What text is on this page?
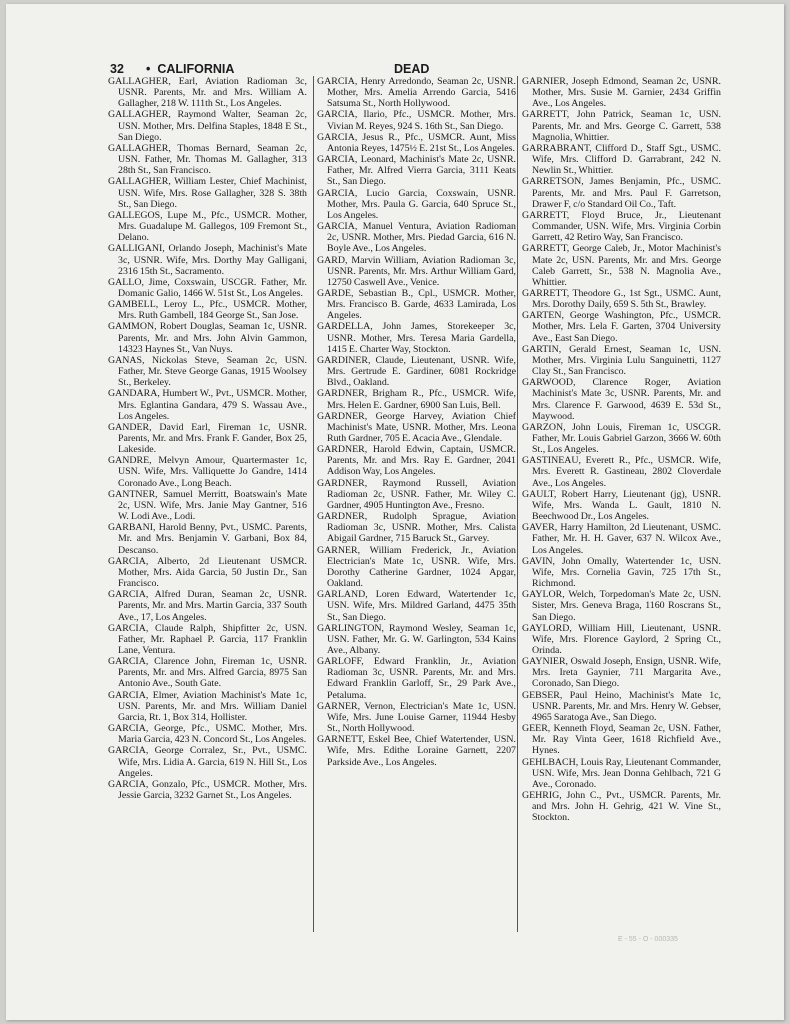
32 • CALIFORNIA	DEAD
GALLAGHER, Earl, Aviation Radioman 3c, USNR. Parents, Mr. and Mrs. William A. Gallagher, 218 W. 111th St., Los Angeles.
GALLAGHER, Raymond Walter, Seaman 2c, USN. Mother, Mrs. Delfina Staples, 1848 E St., San Diego.
GALLAGHER, Thomas Bernard, Seaman 2c, USN. Father, Mr. Thomas M. Gallagher, 313 28th St., San Francisco.
GALLAGHER, William Lester, Chief Machinist, USN. Wife, Mrs. Rose Gallagher, 328 S. 38th St., San Diego.
GALLEGOS, Lupe M., Pfc., USMCR. Mother, Mrs. Guadalupe M. Gallegos, 109 Fremont St., Delano.
GALLIGANI, Orlando Joseph, Machinist's Mate 3c, USNR. Wife, Mrs. Dorthy May Galligani, 2316 15th St., Sacramento.
GALLO, Jime, Coxswain, USCGR. Father, Mr. Domanic Galio, 1466 W. 51st St., Los Angeles.
GAMBELL, Leroy L., Pfc., USMCR. Mother, Mrs. Ruth Gambell, 184 George St., San Jose.
GAMMON, Robert Douglas, Seaman 1c, USNR. Parents, Mr. and Mrs. John Alvin Gammon, 14323 Haynes St., Van Nuys.
GANAS, Nickolas Steve, Seaman 2c, USN. Father, Mr. Steve George Ganas, 1915 Woolsey St., Berkeley.
GANDARA, Humbert W., Pvt., USMCR. Mother, Mrs. Eglantina Gandara, 479 S. Wassau Ave., Los Angeles.
GANDER, David Earl, Fireman 1c, USNR. Parents, Mr. and Mrs. Frank F. Gander, Box 25, Lakeside.
GANDRE, Melvyn Amour, Quartermaster 1c, USN. Wife, Mrs. Valliquette Jo Gandre, 1414 Coronado Ave., Long Beach.
GANTNER, Samuel Merritt, Boatswain's Mate 2c, USN. Wife, Mrs. Janie May Gantner, 516 W. Lodi Ave., Lodi.
GARBANI, Harold Benny, Pvt., USMC. Parents, Mr. and Mrs. Benjamin V. Garbani, Box 84, Descanso.
GARCIA, Alberto, 2d Lieutenant USMCR. Mother, Mrs. Aida Garcia, 50 Justin Dr., San Francisco.
GARCIA, Alfred Duran, Seaman 2c, USNR. Parents, Mr. and Mrs. Martin Garcia, 337 South Ave., 17, Los Angeles.
GARCIA, Claude Ralph, Shipfitter 2c, USN. Father, Mr. Raphael P. Garcia, 117 Franklin Lane, Ventura.
GARCIA, Clarence John, Fireman 1c, USNR. Parents, Mr. and Mrs. Alfred Garcia, 8975 San Antonio Ave., South Gate.
GARCIA, Elmer, Aviation Machinist's Mate 1c, USN. Parents, Mr. and Mrs. William Daniel Garcia, Rt. 1, Box 314, Hollister.
GARCIA, George, Pfc., USMC. Mother, Mrs. Maria Garcia, 423 N. Concord St., Los Angeles.
GARCIA, George Corralez, Sr., Pvt., USMC. Wife, Mrs. Lidia A. Garcia, 619 N. Hill St., Los Angeles.
GARCIA, Gonzalo, Pfc., USMCR. Mother, Mrs. Jessie Garcia, 3232 Garnet St., Los Angeles.
GARCIA, Henry Arredondo, Seaman 2c, USNR. Mother, Mrs. Amelia Arrendo Garcia, 5416 Satsuma St., North Hollywood.
GARCIA, Ilario, Pfc., USMCR. Mother, Mrs. Vivian M. Reyes, 924 S. 16th St., San Diego.
GARCIA, Jesus R., Pfc., USMCR. Aunt, Miss Antonia Reyes, 1475½ E. 21st St., Los Angeles.
GARCIA, Leonard, Machinist's Mate 2c, USNR. Father, Mr. Alfred Vierra Garcia, 3111 Keats St., San Diego.
GARCIA, Lucio Garcia, Coxswain, USNR. Mother, Mrs. Paula G. Garcia, 640 Spruce St., Los Angeles.
GARCIA, Manuel Ventura, Aviation Radioman 2c, USNR. Mother, Mrs. Piedad Garcia, 616 N. Boyle Ave., Los Angeles.
GARD, Marvin William, Aviation Radioman 3c, USNR. Parents, Mr. Mrs. Arthur William Gard, 12750 Caswell Ave., Venice.
GARDE, Sebastian B., Cpl., USMCR. Mother, Mrs. Francisco B. Garde, 4633 Lamirada, Los Angeles.
GARDELLA, John James, Storekeeper 3c, USNR. Mother, Mrs. Teresa Maria Gardella, 1415 E. Charter Way, Stockton.
GARDINER, Claude, Lieutenant, USNR. Wife, Mrs. Gertrude E. Gardiner, 6081 Rockridge Blvd., Oakland.
GARDNER, Brigham R., Pfc., USMCR. Wife, Mrs. Helen E. Gardner, 6900 San Luis, Bell.
GARDNER, George Harvey, Aviation Chief Machinist's Mate, USNR. Mother, Mrs. Leona Ruth Gardner, 705 E. Acacia Ave., Glendale.
GARDNER, Harold Edwin, Captain, USMCR. Parents, Mr. and Mrs. Ray E. Gardner, 2041 Addison Way, Los Angeles.
GARDNER, Raymond Russell, Aviation Radioman 2c, USNR. Father, Mr. Wiley C. Gardner, 4905 Huntington Ave., Fresno.
GARDNER, Rudolph Sprague, Aviation Radioman 3c, USNR. Mother, Mrs. Calista Abigail Gardner, 715 Baruck St., Garvey.
GARNER, William Frederick, Jr., Aviation Electrician's Mate 1c, USNR. Wife, Mrs. Dorothy Catherine Gardner, 1024 Apgar, Oakland.
GARLAND, Loren Edward, Watertender 1c, USN. Wife, Mrs. Mildred Garland, 4475 35th St., San Diego.
GARLINGTON, Raymond Wesley, Seaman 1c, USN. Father, Mr. G. W. Garlington, 534 Kains Ave., Albany.
GARLOFF, Edward Franklin, Jr., Aviation Radioman 3c, USNR. Parents, Mr. and Mrs. Edward Franklin Garloff, Sr., 29 Park Ave., Petaluma.
GARNER, Vernon, Electrician's Mate 1c, USN. Wife, Mrs. June Louise Garner, 11944 Hesby St., North Hollywood.
GARNETT, Eskel Bee, Chief Watertender, USN. Wife, Mrs. Edithe Loraine Garnett, 2207 Parkside Ave., Los Angeles.
GARNIER, Joseph Edmond, Seaman 2c, USNR. Mother, Mrs. Susie M. Garnier, 2434 Griffin Ave., Los Angeles.
GARRETT, John Patrick, Seaman 1c, USN. Parents, Mr. and Mrs. George C. Garrett, 538 Magnolia, Whittier.
GARRABRANT, Clifford D., Staff Sgt., USMC. Wife, Mrs. Clifford D. Garrabrant, 242 N. Newlin St., Whittier.
GARRETSON, James Benjamin, Pfc., USMC. Parents, Mr. and Mrs. Paul F. Garretson, Drawer F, c/o Standard Oil Co., Taft.
GARRETT, Floyd Bruce, Jr., Lieutenant Commander, USN. Wife, Mrs. Virginia Corbin Garrett, 42 Retiro Way, San Francisco.
GARRETT, George Caleb, Jr., Motor Machinist's Mate 2c, USN. Parents, Mr. and Mrs. George Caleb Garrett, Sr., 538 N. Magnolia Ave., Whittier.
GARRETT, Theodore G., 1st Sgt., USMC. Aunt, Mrs. Dorothy Daily, 659 S. 5th St., Brawley.
GARTEN, George Washington, Pfc., USMCR. Mother, Mrs. Lela F. Garten, 3704 University Ave., East San Diego.
GARTIN, Gerald Ernest, Seaman 1c, USN. Mother, Mrs. Virginia Lulu Sanguinetti, 1127 Clay St., San Francisco.
GARWOOD, Clarence Roger, Aviation Machinist's Mate 3c, USNR. Parents, Mr. and Mrs. Clarence F. Garwood, 4639 E. 53d St., Maywood.
GARZON, John Louis, Fireman 1c, USCGR. Father, Mr. Louis Gabriel Garzon, 3666 W. 60th St., Los Angeles.
GASTINEAU, Everett R., Pfc., USMCR. Wife, Mrs. Everett R. Gastineau, 2802 Cloverdale Ave., Los Angeles.
GAULT, Robert Harry, Lieutenant (jg), USNR. Wife, Mrs. Wanda L. Gault, 1810 N. Beechwood Dr., Los Angeles.
GAVER, Harry Hamilton, 2d Lieutenant, USMC. Father, Mr. H. H. Gaver, 637 N. Wilcox Ave., Los Angeles.
GAVIN, John Omally, Watertender 1c, USN. Wife, Mrs. Cornelia Gavin, 725 17th St., Richmond.
GAYLOR, Welch, Torpedoman's Mate 2c, USN. Sister, Mrs. Geneva Braga, 1160 Roscrans St., San Diego.
GAYLORD, William Hill, Lieutenant, USNR. Wife, Mrs. Florence Gaylord, 2 Spring Ct., Orinda.
GAYNIER, Oswald Joseph, Ensign, USNR. Wife, Mrs. Ireta Gaynier, 711 Margarita Ave., Coronado, San Diego.
GEBSER, Paul Heino, Machinist's Mate 1c, USNR. Parents, Mr. and Mrs. Henry W. Gebser, 4965 Saratoga Ave., San Diego.
GEER, Kenneth Floyd, Seaman 2c, USN. Father, Mr. Ray Vinta Geer, 1618 Richfield Ave., Hynes.
GEHLBACH, Louis Ray, Lieutenant Commander, USN. Wife, Mrs. Jean Donna Gehlbach, 721 G Ave., Coronado.
GEHRIG, John C., Pvt., USMCR. Parents, Mr. and Mrs. John H. Gehrig, 421 W. Vine St., Stockton.
E - 55 - O - 000335
